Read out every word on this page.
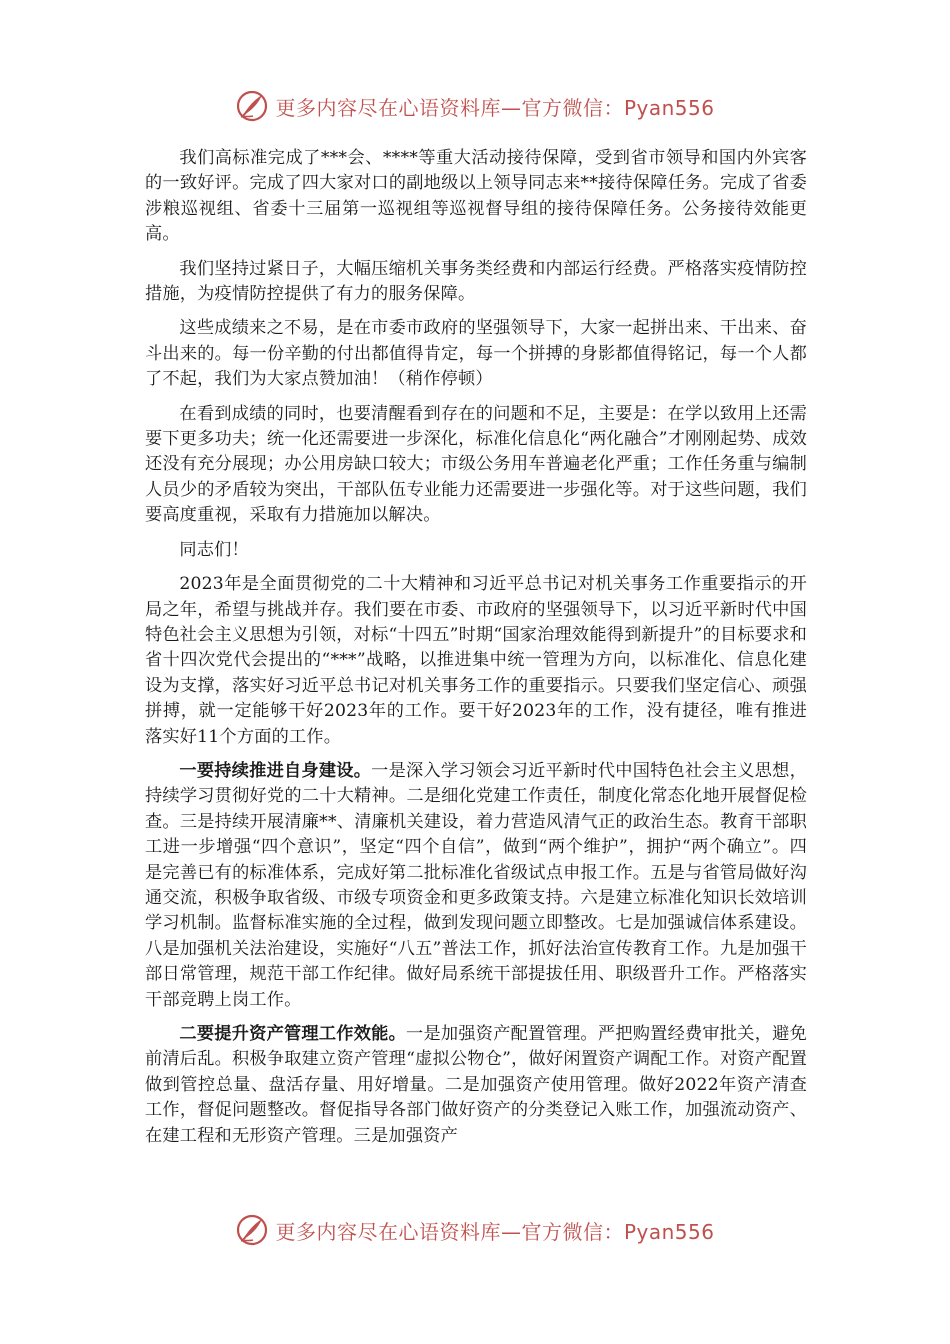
更多内容尽在心语资料库—官方微信：Pyan556

我们高标准完成了***会、****等重大活动接待保障，受到省市领导和国内外宾客的一致好评。完成了四大家对口的副地级以上领导同志来**接待保障任务。完成了省委涉粮巡视组、省委十三届第一巡视组等巡视督导组的接待保障任务。公务接待效能更高。

我们坚持过紧日子，大幅压缩机关事务类经费和内部运行经费。严格落实疫情防控措施，为疫情防控提供了有力的服务保障。

这些成绩来之不易，是在市委市政府的坚强领导下，大家一起拼出来、干出来、奋斗出来的。每一份辛勤的付出都值得肯定，每一个拼搏的身影都值得铭记，每一个人都了不起，我们为大家点赞加油！（稍作停顿）

在看到成绩的同时，也要清醒看到存在的问题和不足，主要是：在学以致用上还需要下更多功夫；统一化还需要进一步深化，标准化信息化“两化融合”才刚刚起势、成效还没有充分展现；办公用房缺口较大；市级公务用车普遍老化严重；工作任务重与编制人员少的矛盾较为突出，干部队伍专业能力还需要进一步强化等。对于这些问题，我们要高度重视，采取有力措施加以解决。

同志们！

2023年是全面贯彻党的二十大精神和习近平总书记对机关事务工作重要指示的开局之年，希望与挑战并存。我们要在市委、市政府的坚强领导下，以习近平新时代中国特色社会主义思想为引领，对标“十四五”时期“国家治理效能得到新提升”的目标要求和省十四次党代会提出的“***”战略，以推进集中统一管理为方向，以标准化、信息化建设为支撑，落实好习近平总书记对机关事务工作的重要指示。只要我们坚定信心、顽强拼搏，就一定能够干好2023年的工作。要干好2023年的工作，没有捷径，唯有推进落实好11个方面的工作。

一要持续推进自身建设。一是深入学习领会习近平新时代中国特色社会主义思想，持续学习贯彻好党的二十大精神。二是细化党建工作责任，制度化常态化地开展督促检查。三是持续开展清廉**、清廉机关建设，着力营造风清气正的政治生态。教育干部职工进一步增强“四个意识”，坚定“四个自信”，做到“两个维护”，拥护“两个确立”。四是完善已有的标准体系，完成好第二批标准化省级试点申报工作。五是与省管局做好沟通交流，积极争取省级、市级专项资金和更多政策支持。六是建立标准化知识长效培训学习机制。监督标准实施的全过程，做到发现问题立即整改。七是加强诚信体系建设。八是加强机关法治建设，实施好“八五”普法工作，抓好法治宣传教育工作。九是加强干部日常管理，规范干部工作纪律。做好局系统干部提拔任用、职级晋升工作。严格落实干部竞聘上岗工作。

二要提升资产管理工作效能。一是加强资产配置管理。严把购置经费审批关，避免前清后乱。积极争取建立资产管理“虚拟公物仓”，做好闲置资产调配工作。对资产配置做到管控总量、盘活存量、用好增量。二是加强资产使用管理。做好2022年资产清查工作，督促问题整改。督促指导各部门做好资产的分类登记入账工作，加强流动资产、在建工程和无形资产管理。三是加强资产

更多内容尽在心语资料库—官方微信：Pyan556
